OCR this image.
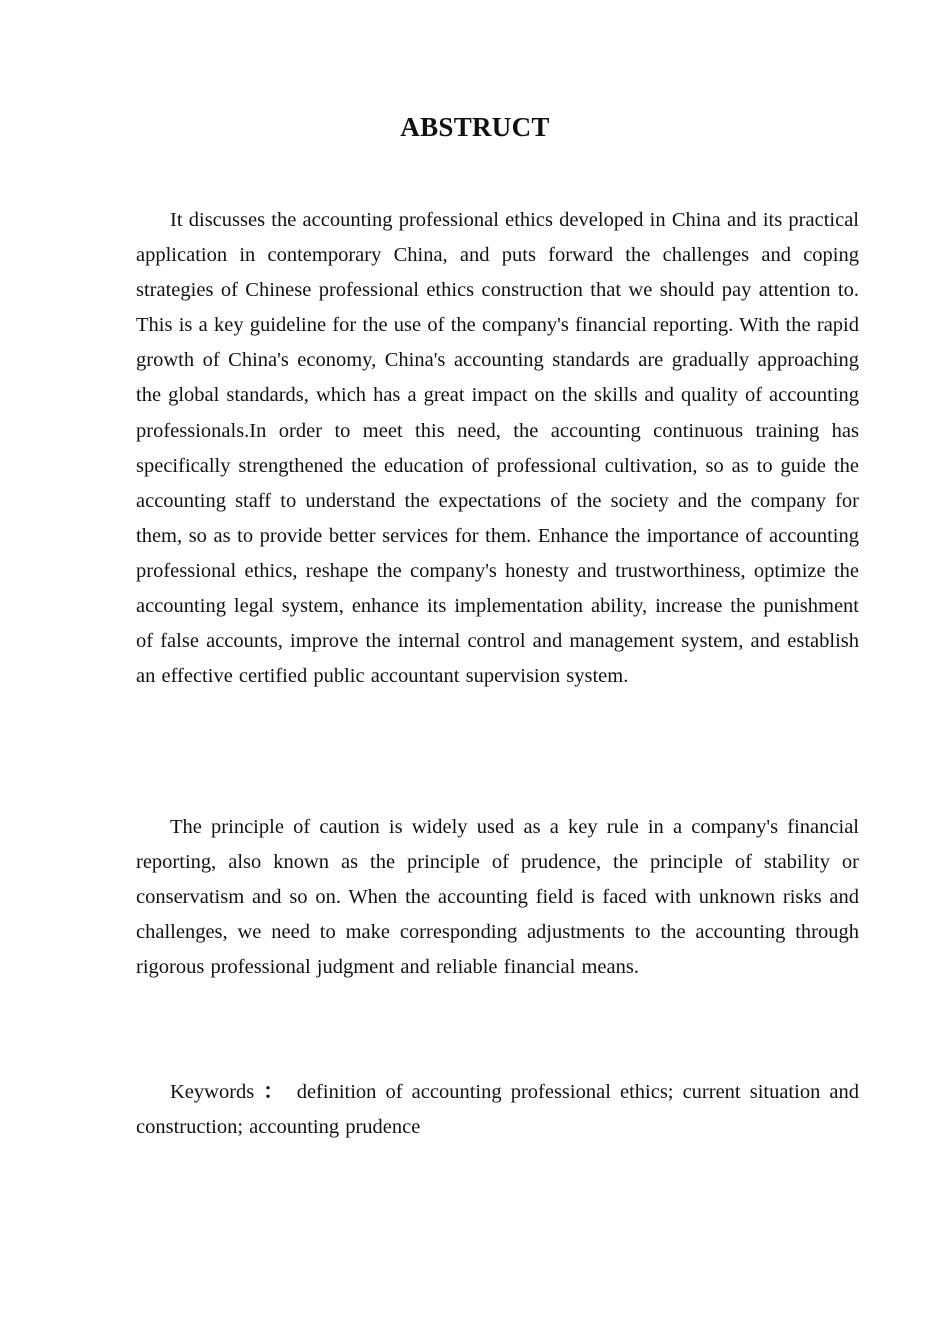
ABSTRUCT

It discusses the accounting professional ethics developed in China and its practical application in contemporary China, and puts forward the challenges and coping strategies of Chinese professional ethics construction that we should pay attention to. This is a key guideline for the use of the company's financial reporting. With the rapid growth of China's economy, China's accounting standards are gradually approaching the global standards, which has a great impact on the skills and quality of accounting professionals.In order to meet this need, the accounting continuous training has specifically strengthened the education of professional cultivation, so as to guide the accounting staff to understand the expectations of the society and the company for them, so as to provide better services for them. Enhance the importance of accounting professional ethics, reshape the company's honesty and trustworthiness, optimize the accounting legal system, enhance its implementation ability, increase the punishment of false accounts, improve the internal control and management system, and establish an effective certified public accountant supervision system.

The principle of caution is widely used as a key rule in a company's financial reporting, also known as the principle of prudence, the principle of stability or conservatism and so on. When the accounting field is faced with unknown risks and challenges, we need to make corresponding adjustments to the accounting through rigorous professional judgment and reliable financial means.

Keywords ： definition of accounting professional ethics; current situation and construction; accounting prudence
